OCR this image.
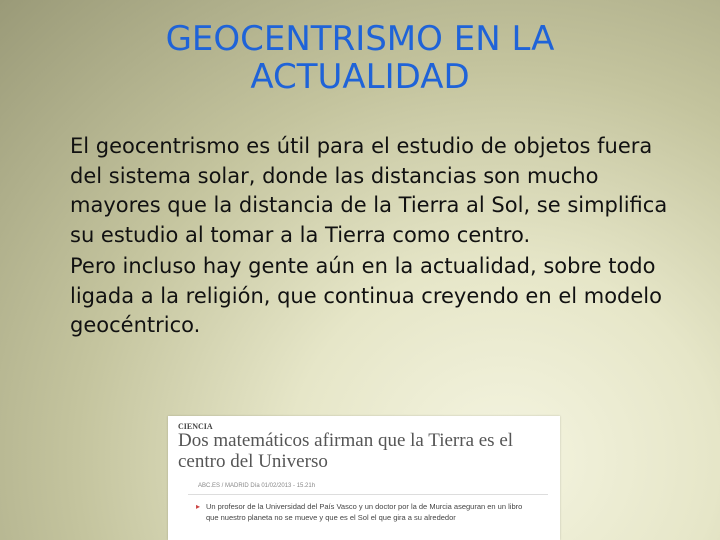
GEOCENTRISMO EN LA
ACTUALIDAD

El geocentrismo es útil para el estudio de objetos fuera del sistema solar, donde las distancias son mucho mayores que la distancia de la Tierra al Sol, se simplifica su estudio al tomar a la Tierra como centro.

Pero incluso hay gente aún en la actualidad, sobre todo ligada a la religión, que continua creyendo en el modelo geocéntrico.

CIENCIA
Dos matemáticos afirman que la Tierra es el centro del Universo
ABC.ES / MADRID Día 01/02/2013 - 15.21h
▸ Un profesor de la Universidad del País Vasco y un doctor por la de Murcia aseguran en un libro que nuestro planeta no se mueve y que es el Sol el que gira a su alrededor
